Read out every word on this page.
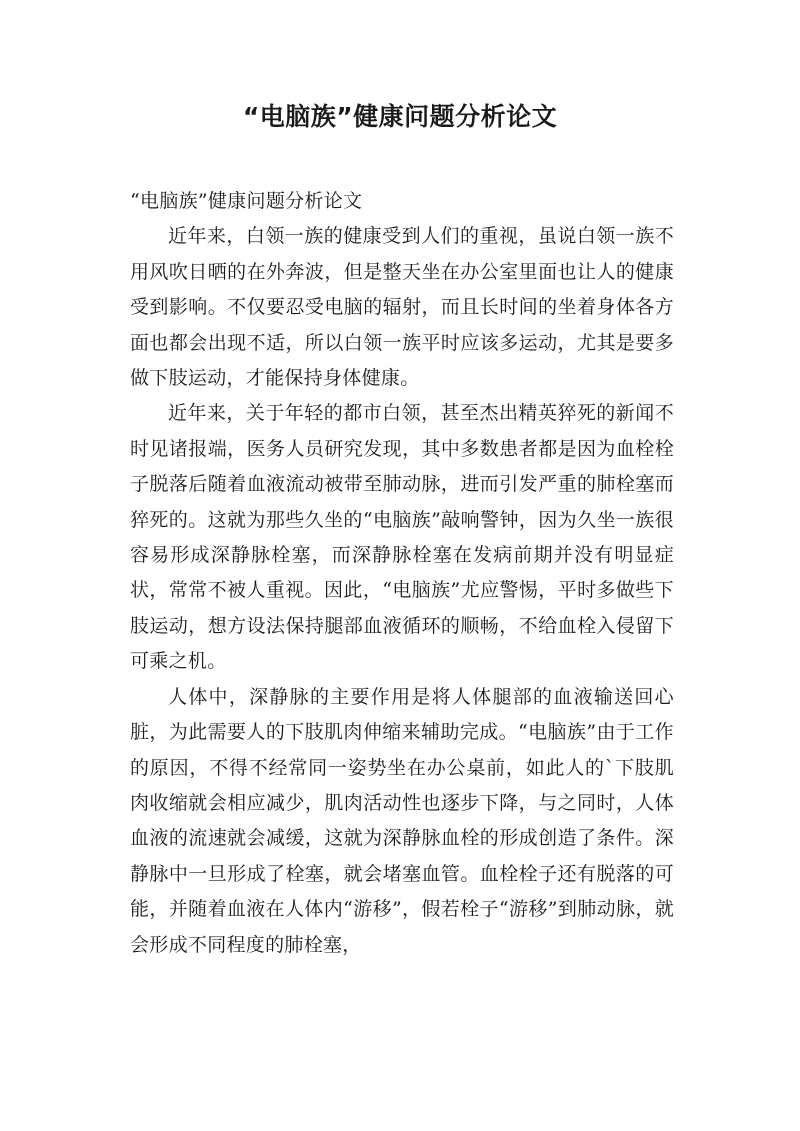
“电脑族”健康问题分析论文

“电脑族”健康问题分析论文

近年来，白领一族的健康受到人们的重视，虽说白领一族不用风吹日晒的在外奔波，但是整天坐在办公室里面也让人的健康受到影响。不仅要忍受电脑的辐射，而且长时间的坐着身体各方面也都会出现不适，所以白领一族平时应该多运动，尤其是要多做下肢运动，才能保持身体健康。

近年来，关于年轻的都市白领，甚至杰出精英猝死的新闻不时见诸报端，医务人员研究发现，其中多数患者都是因为血栓栓子脱落后随着血液流动被带至肺动脉，进而引发严重的肺栓塞而猝死的。这就为那些久坐的“电脑族”敲响警钟，因为久坐一族很容易形成深静脉栓塞，而深静脉栓塞在发病前期并没有明显症状，常常不被人重视。因此，“电脑族”尤应警惕，平时多做些下肢运动，想方设法保持腿部血液循环的顺畅，不给血栓入侵留下可乘之机。

人体中，深静脉的主要作用是将人体腿部的血液输送回心脏，为此需要人的下肢肌肉伸缩来辅助完成。“电脑族”由于工作的原因，不得不经常同一姿势坐在办公桌前，如此人的`下肢肌肉收缩就会相应减少，肌肉活动性也逐步下降，与之同时，人体血液的流速就会减缓，这就为深静脉血栓的形成创造了条件。深静脉中一旦形成了栓塞，就会堵塞血管。血栓栓子还有脱落的可能，并随着血液在人体内“游移”，假若栓子“游移”到肺动脉，就会形成不同程度的肺栓塞，
